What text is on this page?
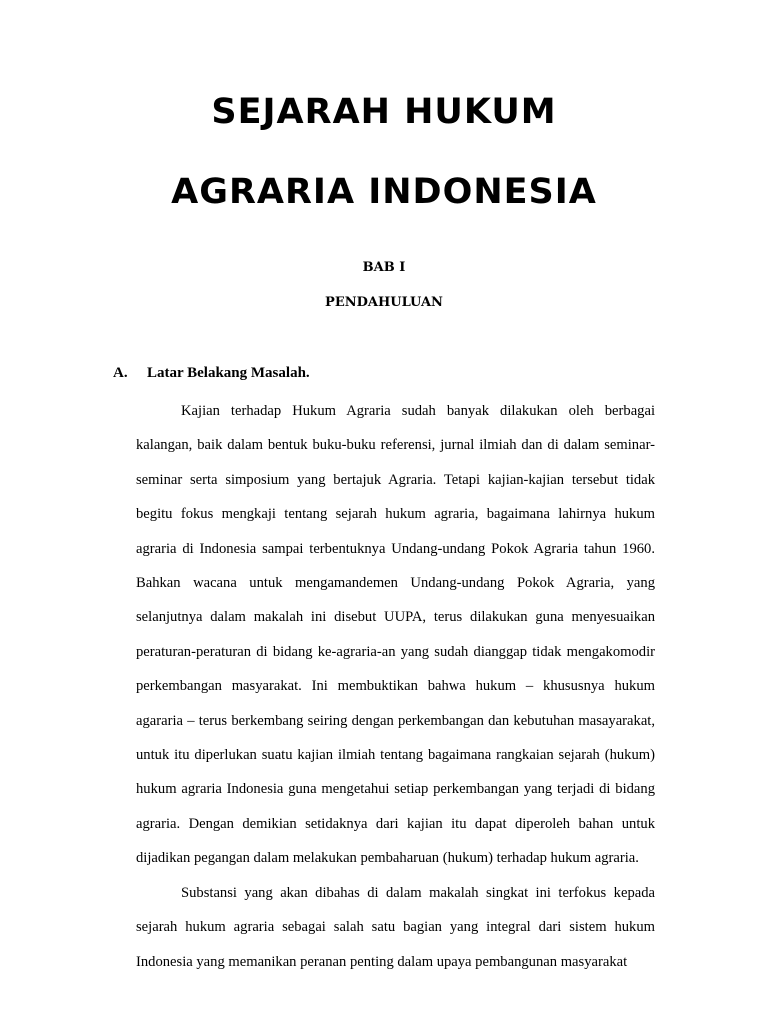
SEJARAH HUKUM
AGRARIA INDONESIA
BAB I
PENDAHULUAN
A. Latar Belakang Masalah.

Kajian terhadap Hukum Agraria sudah banyak dilakukan oleh berbagai kalangan, baik dalam bentuk buku-buku referensi, jurnal ilmiah dan di dalam seminar-seminar serta simposium yang bertajuk Agraria. Tetapi kajian-kajian tersebut tidak begitu fokus mengkaji tentang sejarah hukum agraria, bagaimana lahirnya hukum agraria di Indonesia sampai terbentuknya Undang-undang Pokok Agraria tahun 1960. Bahkan wacana untuk mengamandemen Undang-undang Pokok Agraria, yang selanjutnya dalam makalah ini disebut UUPA, terus dilakukan guna menyesuaikan peraturan-peraturan di bidang ke-agraria-an yang sudah dianggap tidak mengakomodir perkembangan masyarakat. Ini membuktikan bahwa hukum – khususnya hukum agararia – terus berkembang seiring dengan perkembangan dan kebutuhan masayarakat, untuk itu diperlukan suatu kajian ilmiah tentang bagaimana rangkaian sejarah (hukum) hukum agraria Indonesia guna mengetahui setiap perkembangan yang terjadi di bidang agraria. Dengan demikian setidaknya dari kajian itu dapat diperoleh bahan untuk dijadikan pegangan dalam melakukan pembaharuan (hukum) terhadap hukum agraria.

Substansi yang akan dibahas di dalam makalah singkat ini terfokus kepada sejarah hukum agraria sebagai salah satu bagian yang integral dari sistem hukum Indonesia yang memanikan peranan penting dalam upaya pembangunan masyarakat
